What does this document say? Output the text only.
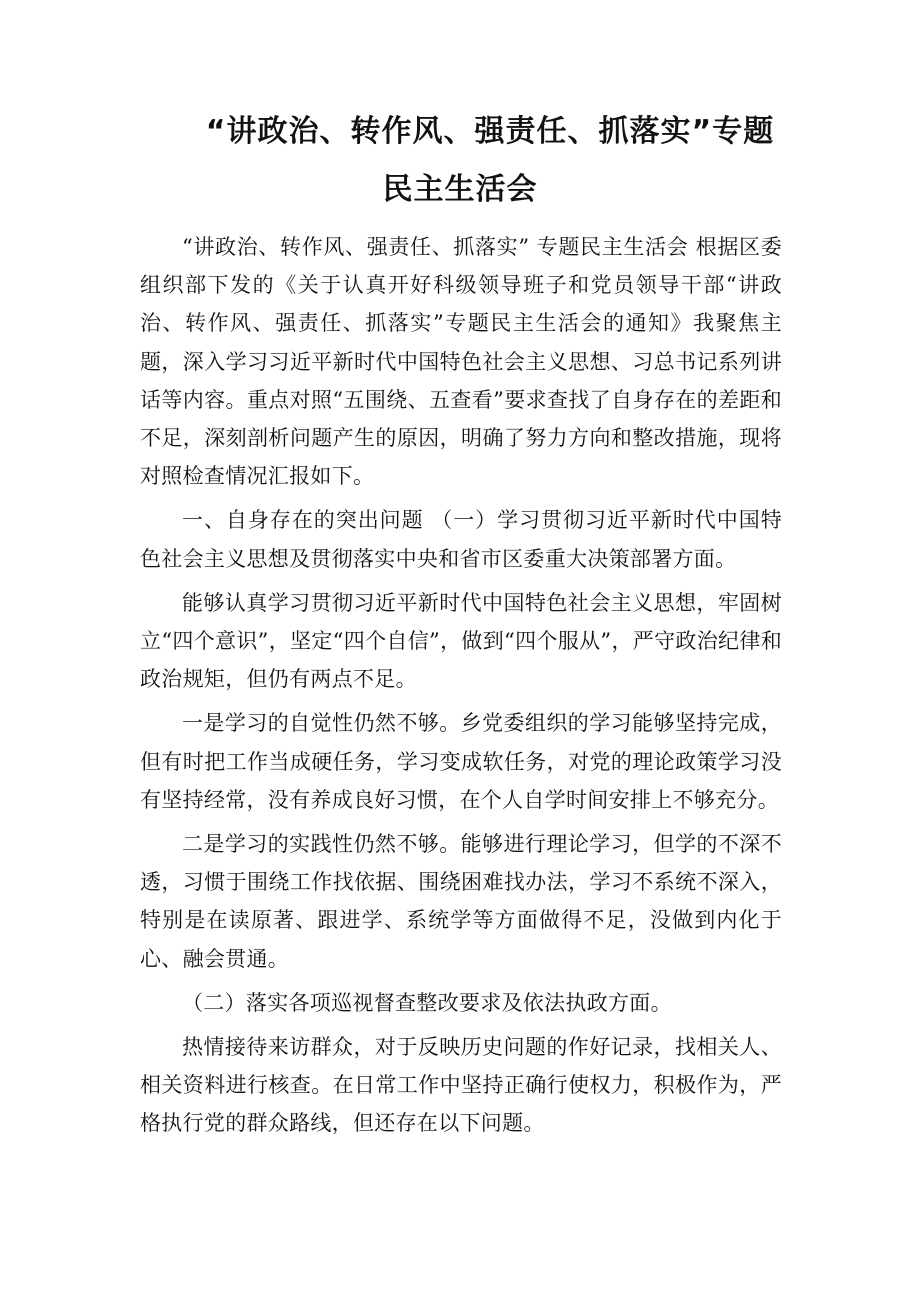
“讲政治、转作风、强责任、抓落实”专题
民主生活会

“讲政治、转作风、强责任、抓落实” 专题民主生活会 根据区委组织部下发的《关于认真开好科级领导班子和党员领导干部“讲政治、转作风、强责任、抓落实”专题民主生活会的通知》我聚焦主题，深入学习习近平新时代中国特色社会主义思想、习总书记系列讲话等内容。重点对照“五围绕、五查看”要求查找了自身存在的差距和不足，深刻剖析问题产生的原因，明确了努力方向和整改措施，现将对照检查情况汇报如下。

一、自身存在的突出问题 （一）学习贯彻习近平新时代中国特色社会主义思想及贯彻落实中央和省市区委重大决策部署方面。

能够认真学习贯彻习近平新时代中国特色社会主义思想，牢固树立“四个意识”，坚定“四个自信”，做到“四个服从”，严守政治纪律和政治规矩，但仍有两点不足。

一是学习的自觉性仍然不够。乡党委组织的学习能够坚持完成，但有时把工作当成硬任务，学习变成软任务，对党的理论政策学习没有坚持经常，没有养成良好习惯，在个人自学时间安排上不够充分。

二是学习的实践性仍然不够。能够进行理论学习，但学的不深不透，习惯于围绕工作找依据、围绕困难找办法，学习不系统不深入，特别是在读原著、跟进学、系统学等方面做得不足，没做到内化于心、融会贯通。

（二）落实各项巡视督查整改要求及依法执政方面。

热情接待来访群众，对于反映历史问题的作好记录，找相关人、相关资料进行核查。在日常工作中坚持正确行使权力，积极作为，严格执行党的群众路线，但还存在以下问题。
